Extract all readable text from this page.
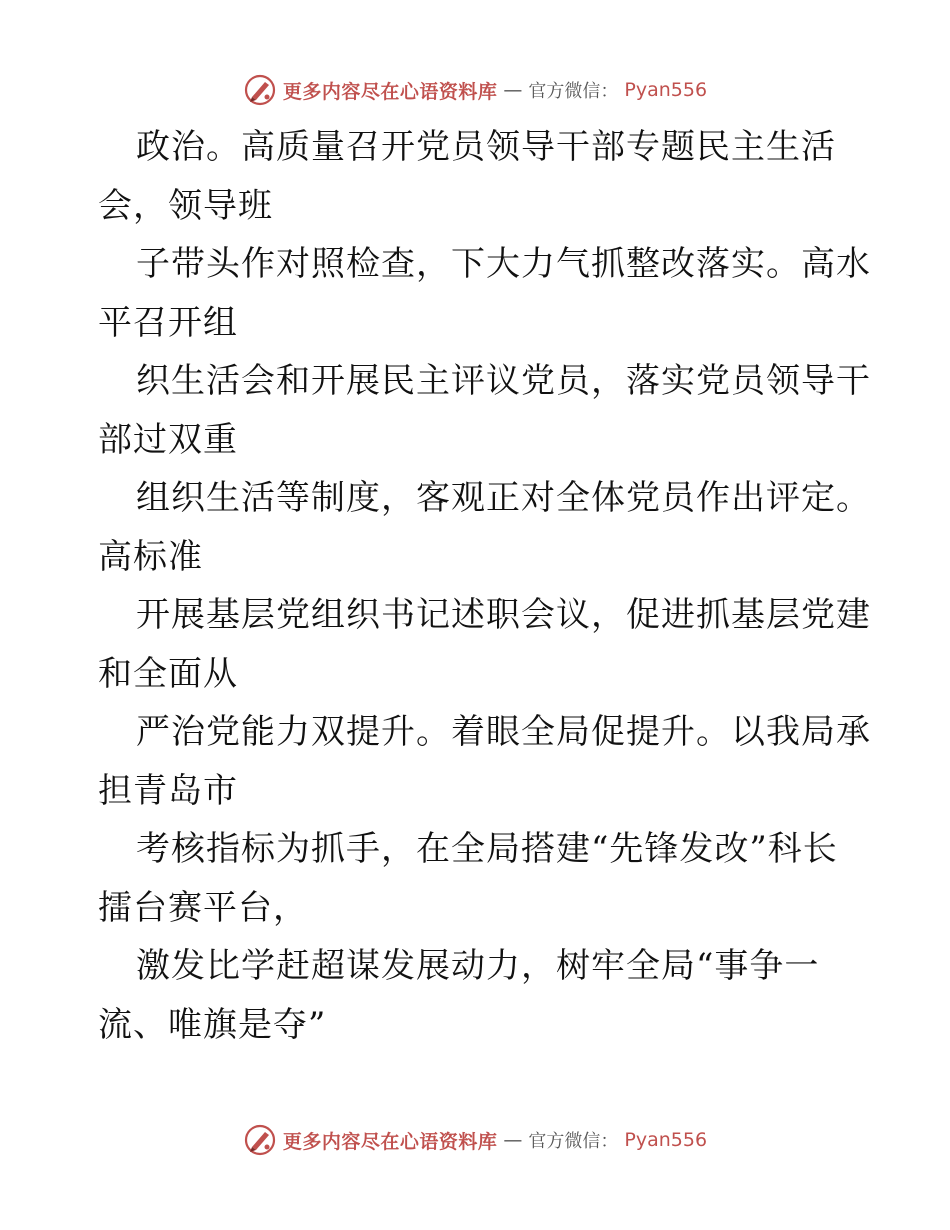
更多内容尽在心语资料库 — 官方微信： Pyan556
政治。高质量召开党员领导干部专题民主生活
会，领导班
子带头作对照检查，下大力气抓整改落实。高水
平召开组
织生活会和开展民主评议党员，落实党员领导干
部过双重
组织生活等制度，客观正对全体党员作出评定。
高标准
开展基层党组织书记述职会议，促进抓基层党建
和全面从
严治党能力双提升。着眼全局促提升。以我局承
担青岛市
考核指标为抓手，在全局搭建“先锋发改”科长
擂台赛平台，
激发比学赶超谋发展动力，树牢全局“事争一
流、唯旗是夺”
更多内容尽在心语资料库 — 官方微信： Pyan556
